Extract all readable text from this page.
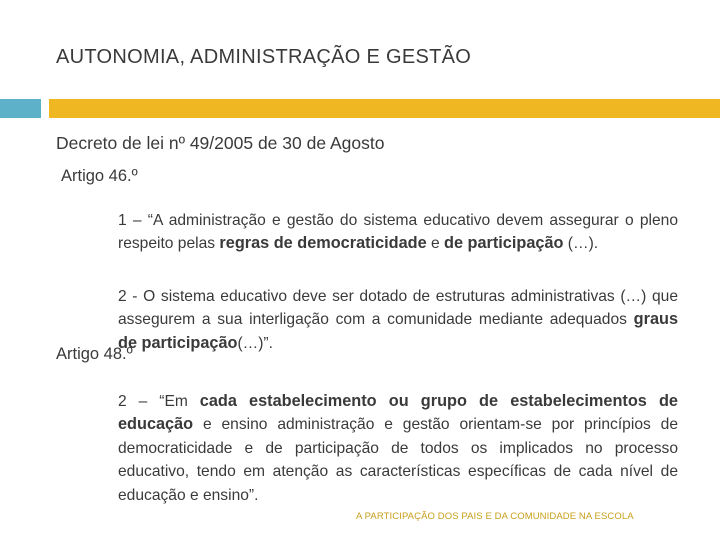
AUTONOMIA, ADMINISTRAÇÃO E GESTÃO
Decreto de lei nº 49/2005 de 30 de Agosto
Artigo 46.º

1 – “A administração e gestão do sistema educativo devem assegurar o pleno respeito pelas regras de democraticidade e de participação (…).

2 - O sistema educativo deve ser dotado de estruturas administrativas (…) que assegurem a sua interligação com a comunidade mediante adequados graus de participação(…)”.

Artigo 48.º

2 – “Em cada estabelecimento ou grupo de estabelecimentos de educação e ensino administração e gestão orientam-se por princípios de democraticidade e de participação de todos os implicados no processo educativo, tendo em atenção as características específicas de cada nível de educação e ensino”.

A PARTICIPAÇÃO DOS PAIS E DA COMUNIDADE NA ESCOLA
